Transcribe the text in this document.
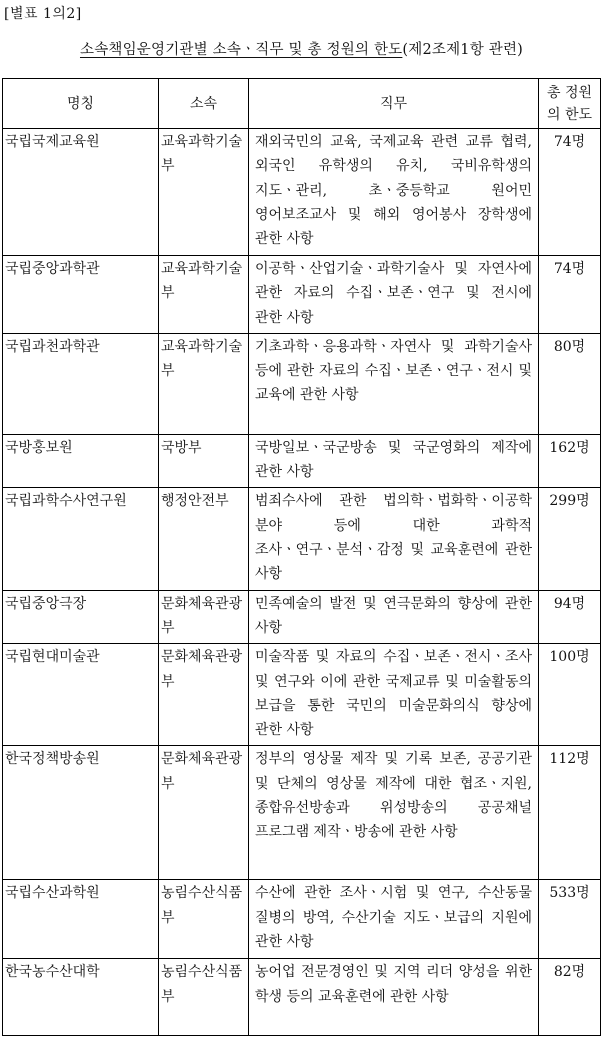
[별표 1의2]
소속책임운영기관별 소속ㆍ직무 및 총 정원의 한도(제2조제1항 관련)
명칭	소속	직무	총 정원
의 한도
국립국제교육원	교육과학기술부	재외국민의 교육, 국제교육 관련 교류 협력, 외국인 유학생의 유치, 국비유학생의 지도ㆍ관리, 초ㆍ중등학교 원어민 영어보조교사 및 해외 영어봉사 장학생에 관한 사항	74명
국립중앙과학관	교육과학기술부	이공학ㆍ산업기술ㆍ과학기술사 및 자연사에 관한 자료의 수집ㆍ보존ㆍ연구 및 전시에 관한 사항	74명
국립과천과학관	교육과학기술부	기초과학ㆍ응용과학ㆍ자연사 및 과학기술사 등에 관한 자료의 수집ㆍ보존ㆍ연구ㆍ전시 및 교육에 관한 사항	80명
국방홍보원	국방부	국방일보ㆍ국군방송 및 국군영화의 제작에 관한 사항	162명
국립과학수사연구원	행정안전부	범죄수사에 관한 법의학ㆍ법화학ㆍ이공학 분야 등에 대한 과학적 조사ㆍ연구ㆍ분석ㆍ감정 및 교육훈련에 관한 사항	299명
국립중앙극장	문화체육관광부	민족예술의 발전 및 연극문화의 향상에 관한 사항	94명
국립현대미술관	문화체육관광부	미술작품 및 자료의 수집ㆍ보존ㆍ전시ㆍ조사 및 연구와 이에 관한 국제교류 및 미술활동의 보급을 통한 국민의 미술문화의식 향상에 관한 사항	100명
한국정책방송원	문화체육관광부	정부의 영상물 제작 및 기록 보존, 공공기관 및 단체의 영상물 제작에 대한 협조ㆍ지원, 종합유선방송과 위성방송의 공공채널 프로그램 제작ㆍ방송에 관한 사항	112명
국립수산과학원	농림수산식품부	수산에 관한 조사ㆍ시험 및 연구, 수산동물 질병의 방역, 수산기술 지도ㆍ보급의 지원에 관한 사항	533명
한국농수산대학	농림수산식품부	농어업 전문경영인 및 지역 리더 양성을 위한 학생 등의 교육훈련에 관한 사항	82명
